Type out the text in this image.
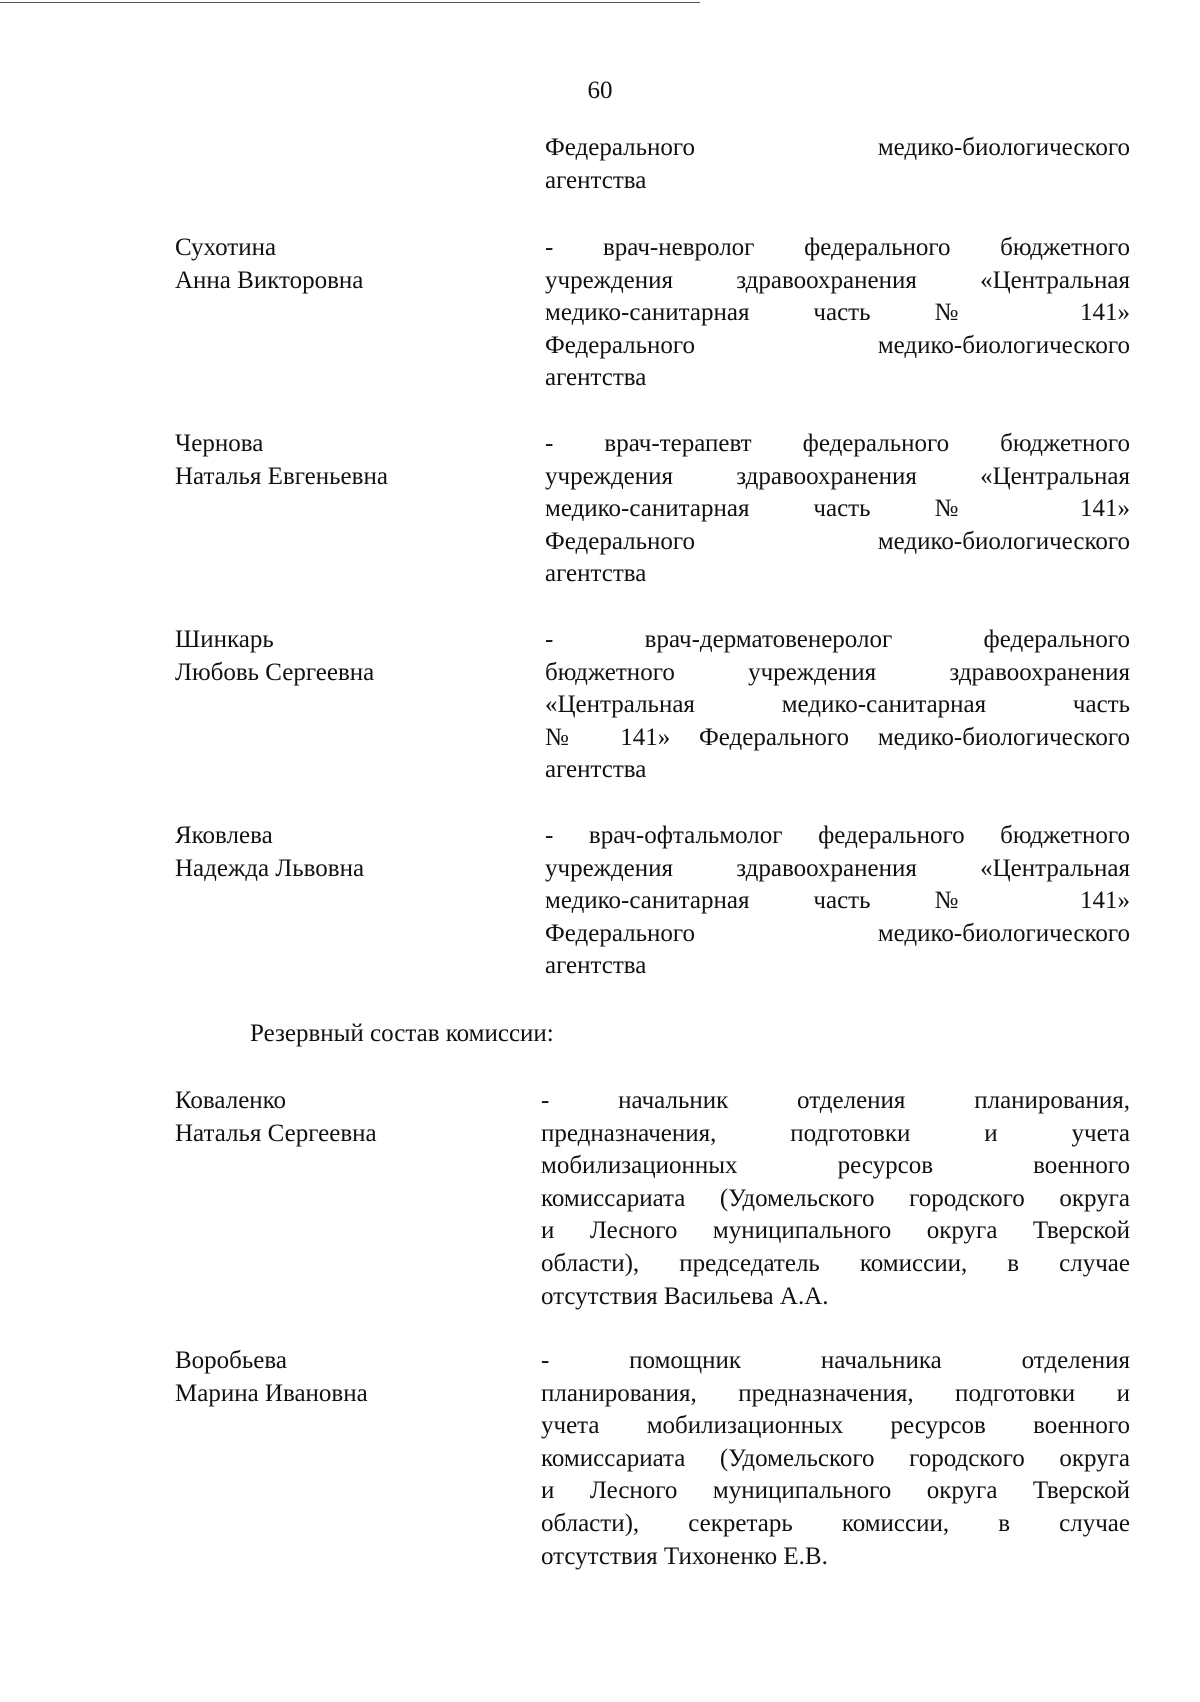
60
Федерального медико-биологического
агентства
Сухотина
Анна Викторовна
- врач-невролог федерального бюджетного
учреждения здравоохранения «Центральная
медико-санитарная часть № 141»
Федерального медико-биологического
агентства
Чернова
Наталья Евгеньевна
- врач-терапевт федерального бюджетного
учреждения здравоохранения «Центральная
медико-санитарная часть № 141»
Федерального медико-биологического
агентства
Шинкарь
Любовь Сергеевна
- врач-дерматовенеролог федерального
бюджетного учреждения здравоохранения
«Центральная медико-санитарная часть
№ 141» Федерального медико-биологического
агентства
Яковлева
Надежда Львовна
- врач-офтальмолог федерального бюджетного
учреждения здравоохранения «Центральная
медико-санитарная часть № 141»
Федерального медико-биологического
агентства
Резервный состав комиссии:
Коваленко
Наталья Сергеевна
- начальник отделения планирования,
предназначения, подготовки и учета
мобилизационных ресурсов военного
комиссариата (Удомельского городского округа
и Лесного муниципального округа Тверской
области), председатель комиссии, в случае
отсутствия Васильева А.А.
Воробьева
Марина Ивановна
- помощник начальника отделения
планирования, предназначения, подготовки и
учета мобилизационных ресурсов военного
комиссариата (Удомельского городского округа
и Лесного муниципального округа Тверской
области), секретарь комиссии, в случае
отсутствия Тихоненко Е.В.
